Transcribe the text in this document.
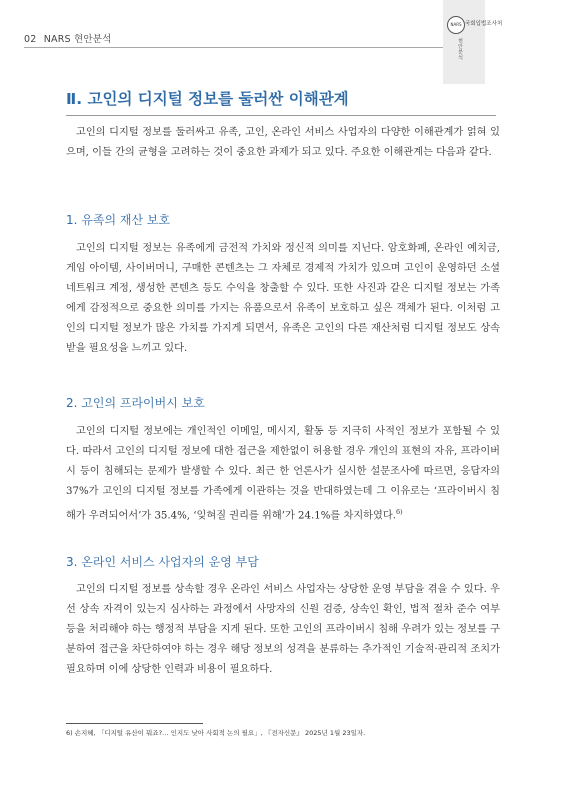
02 NARS 현안분석
NARS 국회입법조사처
현안분석
Ⅱ. 고인의 디지털 정보를 둘러싼 이해관계

고인의 디지털 정보를 둘러싸고 유족, 고인, 온라인 서비스 사업자의 다양한 이해관계가 얽혀 있으며, 이들 간의 균형을 고려하는 것이 중요한 과제가 되고 있다. 주요한 이해관계는 다음과 같다.

1. 유족의 재산 보호

고인의 디지털 정보는 유족에게 금전적 가치와 정신적 의미를 지닌다. 암호화폐, 온라인 예치금, 게임 아이템, 사이버머니, 구매한 콘텐츠는 그 자체로 경제적 가치가 있으며 고인이 운영하던 소셜네트워크 계정, 생성한 콘텐츠 등도 수익을 창출할 수 있다. 또한 사진과 같은 디지털 정보는 가족에게 감정적으로 중요한 의미를 가지는 유품으로서 유족이 보호하고 싶은 객체가 된다. 이처럼 고인의 디지털 정보가 많은 가치를 가지게 되면서, 유족은 고인의 다른 재산처럼 디지털 정보도 상속받을 필요성을 느끼고 있다.

2. 고인의 프라이버시 보호

고인의 디지털 정보에는 개인적인 이메일, 메시지, 활동 등 지극히 사적인 정보가 포함될 수 있다. 따라서 고인의 디지털 정보에 대한 접근을 제한없이 허용할 경우 개인의 표현의 자유, 프라이버시 등이 침해되는 문제가 발생할 수 있다. 최근 한 언론사가 실시한 설문조사에 따르면, 응답자의 37%가 고인의 디지털 정보를 가족에게 이관하는 것을 반대하였는데 그 이유로는 ‘프라이버시 침해가 우려되어서’가 35.4%, ‘잊혀질 권리를 위해’가 24.1%를 차지하였다.$^{6)}$

3. 온라인 서비스 사업자의 운영 부담

고인의 디지털 정보를 상속할 경우 온라인 서비스 사업자는 상당한 운영 부담을 겪을 수 있다. 우선 상속 자격이 있는지 심사하는 과정에서 사망자의 신원 검증, 상속인 확인, 법적 절차 준수 여부 등을 처리해야 하는 행정적 부담을 지게 된다. 또한 고인의 프라이버시 침해 우려가 있는 정보를 구분하여 접근을 차단하여야 하는 경우 해당 정보의 성격을 분류하는 추가적인 기술적·관리적 조치가 필요하며 이에 상당한 인력과 비용이 필요하다.

6) 손지혜, 「디지털 유산이 뭐죠?… 인지도 낮아 사회적 논의 필요」, 『전자신문』 2025년 1월 23일자.
